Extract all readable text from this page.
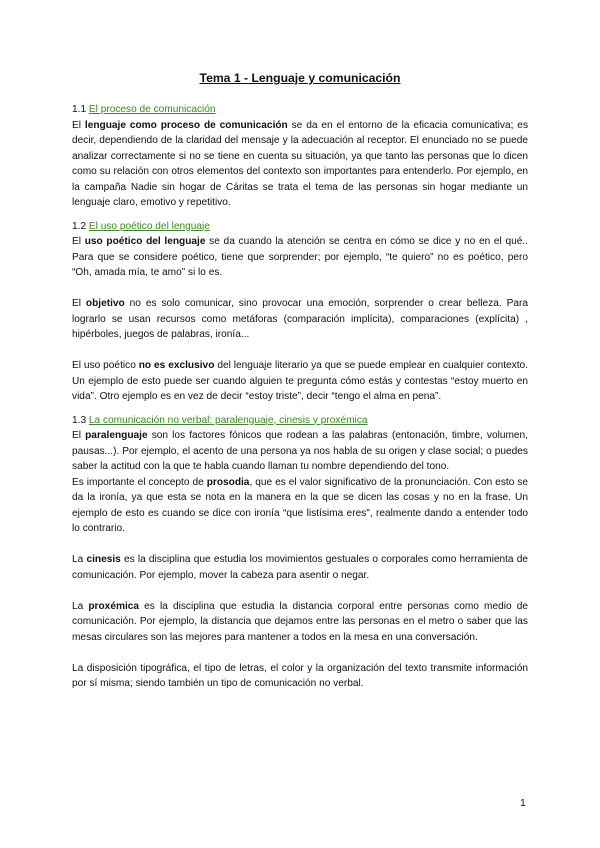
Tema 1 - Lenguaje y comunicación

1.1 El proceso de comunicación

El lenguaje como proceso de comunicación se da en el entorno de la eficacia comunicativa; es decir, dependiendo de la claridad del mensaje y la adecuación al receptor. El enunciado no se puede analizar correctamente si no se tiene en cuenta su situación, ya que tanto las personas que lo dicen como su relación con otros elementos del contexto son importantes para entenderlo. Por ejemplo, en la campaña Nadie sin hogar de Cáritas se trata el tema de las personas sin hogar mediante un lenguaje claro, emotivo y repetitivo.

1.2 El uso poético del lenguaje

El uso poético del lenguaje se da cuando la atención se centra en cómo se dice y no en el qué.. Para que se considere poético, tiene que sorprender; por ejemplo, “te quiero” no es poético, pero “Oh, amada mía, te amo” si lo es.

El objetivo no es solo comunicar, sino provocar una emoción, sorprender o crear belleza. Para lograrlo se usan recursos como metáforas (comparación implícita), comparaciones (explícita) , hipérboles, juegos de palabras, ironía...

El uso poético no es exclusivo del lenguaje literario ya que se puede emplear en cualquier contexto. Un ejemplo de esto puede ser cuando alguien te pregunta cómo estás y contestas “estoy muerto en vida”. Otro ejemplo es en vez de decir “estoy triste”, decir “tengo el alma en pena”.

1.3 La comunicación no verbal: paralenguaje, cinesis y proxémica

El paralenguaje son los factores fónicos que rodean a las palabras (entonación, timbre, volumen, pausas...). Por ejemplo, el acento de una persona ya nos habla de su origen y clase social; o puedes saber la actitud con la que te habla cuando llaman tu nombre dependiendo del tono.

Es importante el concepto de prosodia, que es el valor significativo de la pronunciación. Con esto se da la ironía, ya que esta se nota en la manera en la que se dicen las cosas y no en la frase. Un ejemplo de esto es cuando se dice con ironía “que listísima eres", realmente dando a entender todo lo contrario.

La cinesis es la disciplina que estudia los movimientos gestuales o corporales como herramienta de comunicación. Por ejemplo, mover la cabeza para asentir o negar.

La proxémica es la disciplina que estudia la distancia corporal entre personas como medio de comunicación. Por ejemplo, la distancia que dejamos entre las personas en el metro o saber que las mesas circulares son las mejores para mantener a todos en la mesa en una conversación.

La disposición tipográfica, el tipo de letras, el color y la organización del texto transmite información por sí misma; siendo también un tipo de comunicación no verbal.

1
